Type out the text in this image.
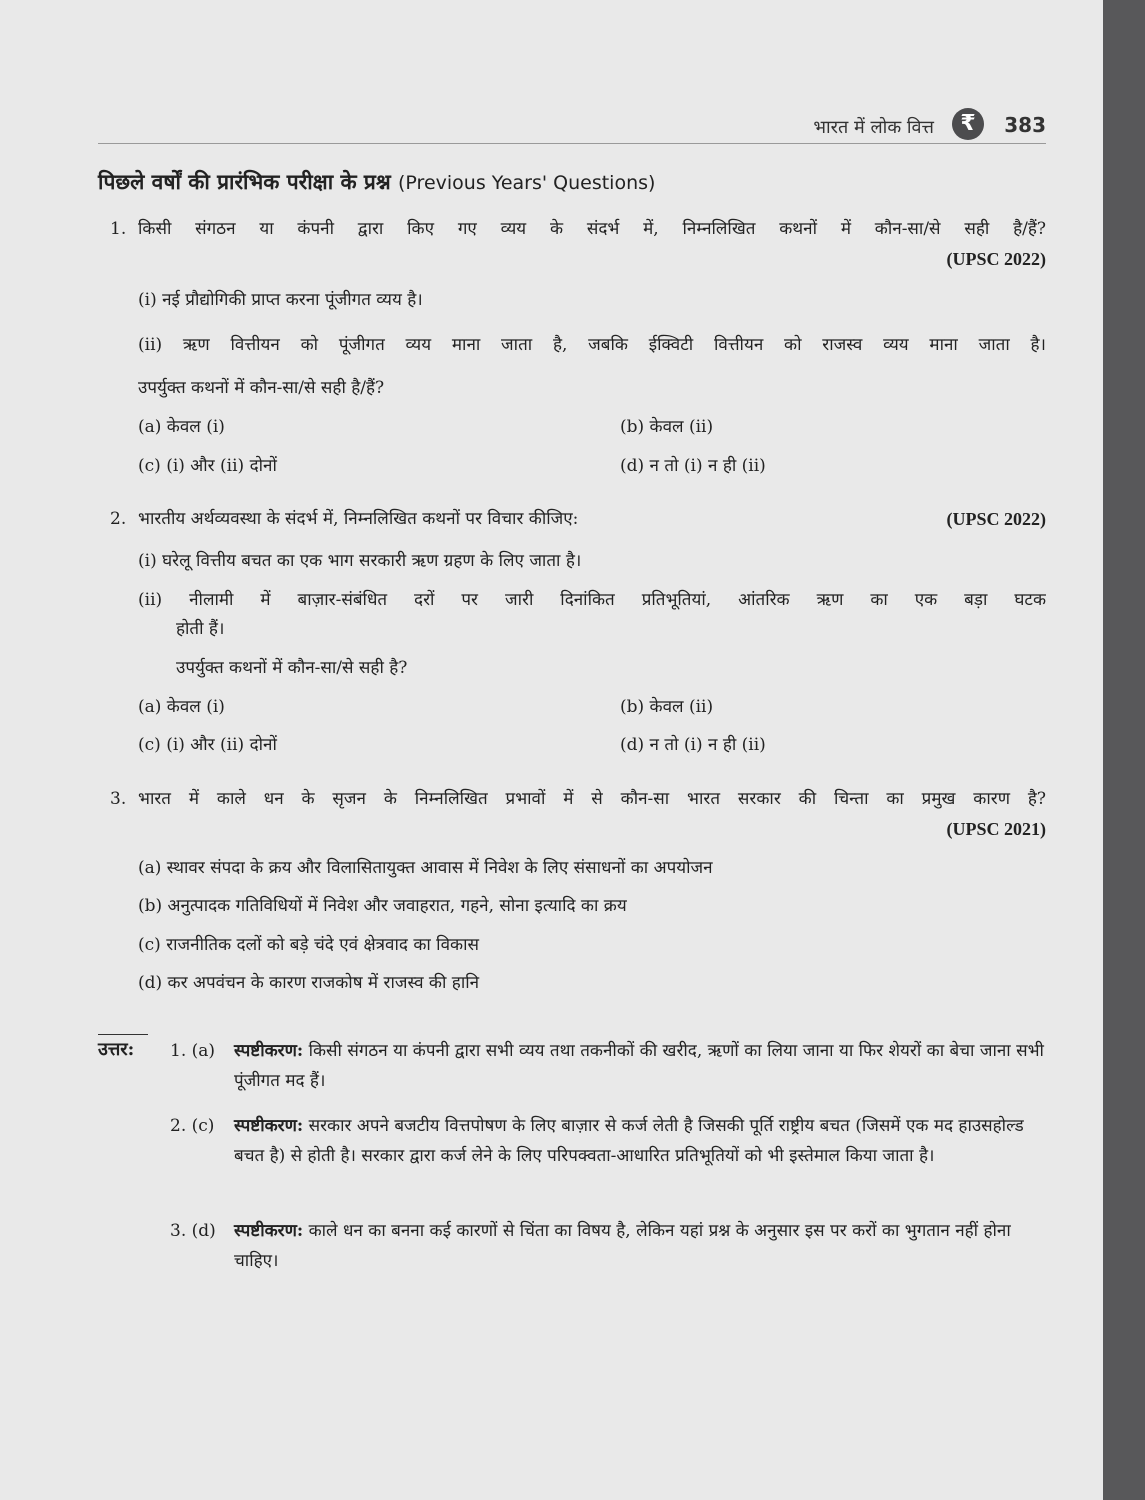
भारत में लोक वित्त	₹	383
पिछले वर्षों की प्रारंभिक परीक्षा के प्रश्न (Previous Years' Questions)
1. किसी संगठन या कंपनी द्वारा किए गए व्यय के संदर्भ में, निम्नलिखित कथनों में कौन-सा/से सही है/हैं?
(UPSC 2022)
(i) नई प्रौद्योगिकी प्राप्त करना पूंजीगत व्यय है।
(ii) ऋण वित्तीयन को पूंजीगत व्यय माना जाता है, जबकि ईक्विटी वित्तीयन को राजस्व व्यय माना जाता है।
उपर्युक्त कथनों में कौन-सा/से सही है/हैं?
(a) केवल (i)	(b) केवल (ii)
(c) (i) और (ii) दोनों	(d) न तो (i) न ही (ii)
2. भारतीय अर्थव्यवस्था के संदर्भ में, निम्नलिखित कथनों पर विचार कीजिए:	(UPSC 2022)
(i) घरेलू वित्तीय बचत का एक भाग सरकारी ऋण ग्रहण के लिए जाता है।
(ii) नीलामी में बाज़ार-संबंधित दरों पर जारी दिनांकित प्रतिभूतियां, आंतरिक ऋण का एक बड़ा घटक
होती हैं।
उपर्युक्त कथनों में कौन-सा/से सही है?
(a) केवल (i)	(b) केवल (ii)
(c) (i) और (ii) दोनों	(d) न तो (i) न ही (ii)
3. भारत में काले धन के सृजन के निम्नलिखित प्रभावों में से कौन-सा भारत सरकार की चिन्ता का प्रमुख कारण है?
(UPSC 2021)
(a) स्थावर संपदा के क्रय और विलासितायुक्त आवास में निवेश के लिए संसाधनों का अपयोजन
(b) अनुत्पादक गतिविधियों में निवेश और जवाहरात, गहने, सोना इत्यादि का क्रय
(c) राजनीतिक दलों को बड़े चंदे एवं क्षेत्रवाद का विकास
(d) कर अपवंचन के कारण राजकोष में राजस्व की हानि
उत्तर: 1. (a) स्पष्टीकरण: किसी संगठन या कंपनी द्वारा सभी व्यय तथा तकनीकों की खरीद, ऋणों का लिया जाना या फिर शेयरों का बेचा जाना सभी पूंजीगत मद हैं।
2. (c) स्पष्टीकरण: सरकार अपने बजटीय वित्तपोषण के लिए बाज़ार से कर्ज लेती है जिसकी पूर्ति राष्ट्रीय बचत (जिसमें एक मद हाउसहोल्ड बचत है) से होती है। सरकार द्वारा कर्ज लेने के लिए परिपक्वता-आधारित प्रतिभूतियों को भी इस्तेमाल किया जाता है।
3. (d) स्पष्टीकरण: काले धन का बनना कई कारणों से चिंता का विषय है, लेकिन यहां प्रश्न के अनुसार इस पर करों का भुगतान नहीं होना चाहिए।
